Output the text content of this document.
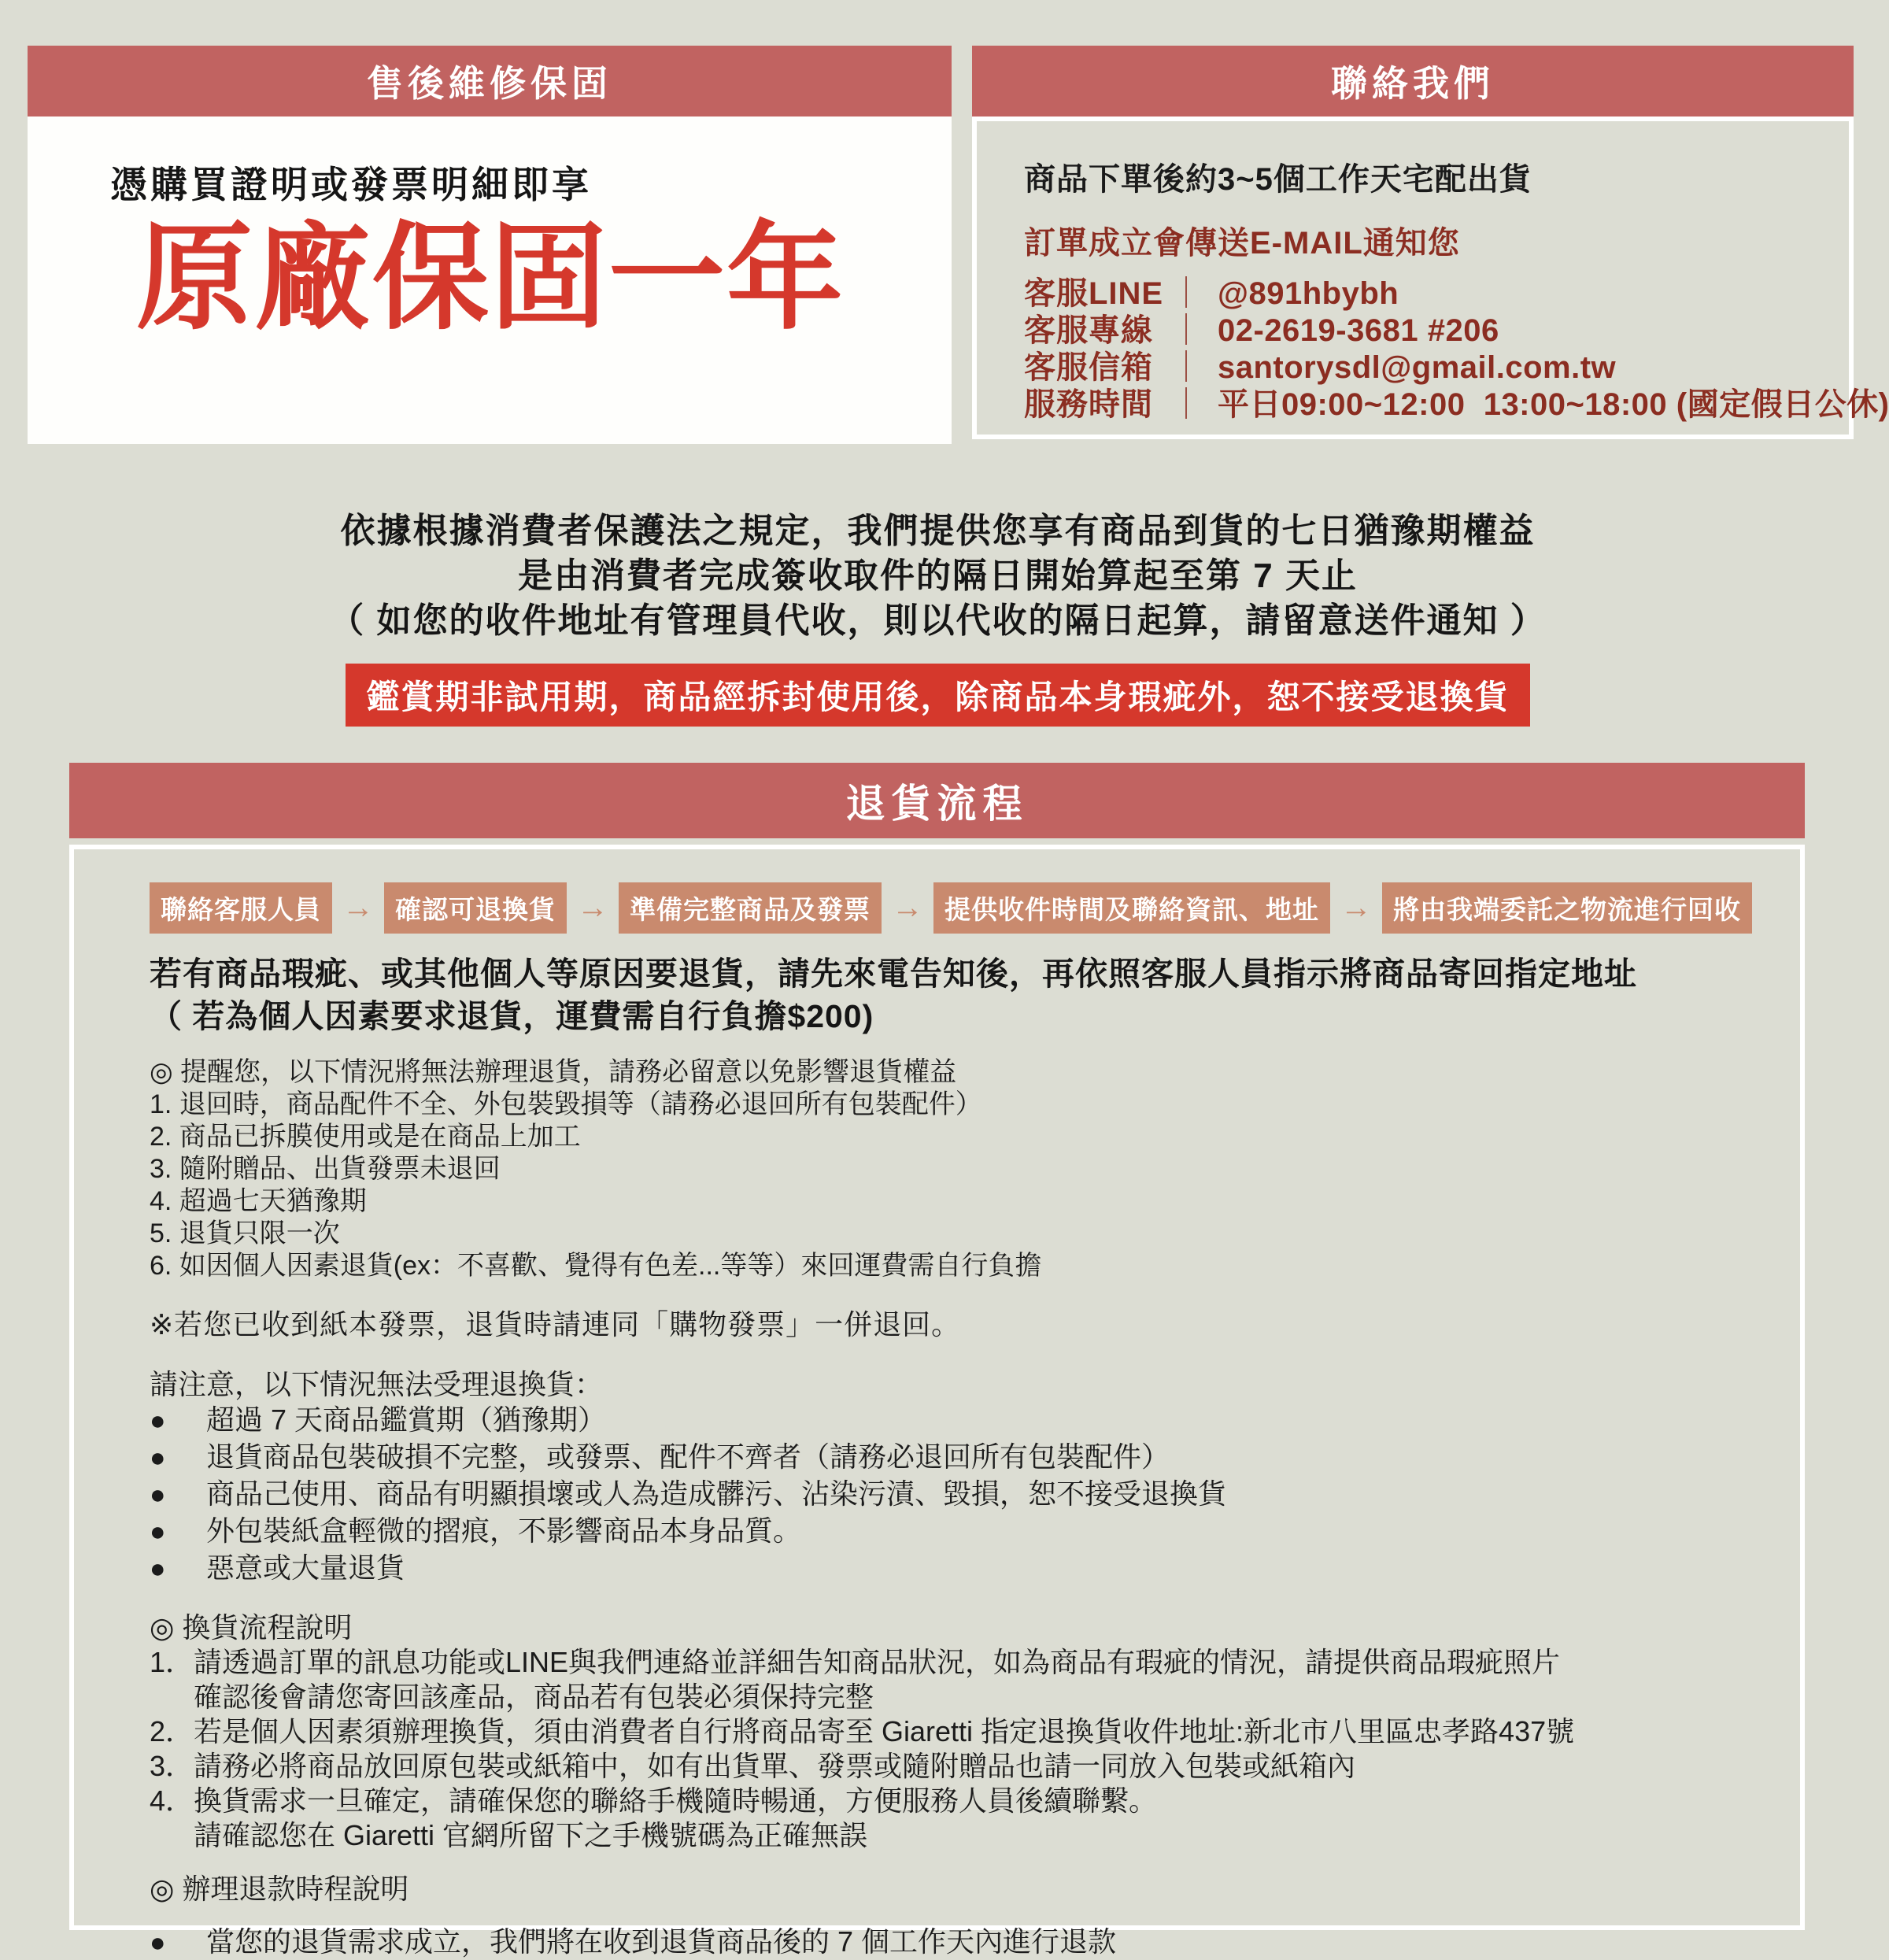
售後維修保固
憑購買證明或發票明細即享
原廠保固一年
聯絡我們
商品下單後約3~5個工作天宅配出貨
訂單成立會傳送E-MAIL通知您
客服LINE ｜ @891hbybh
客服專線 ｜ 02-2619-3681 #206
客服信箱 ｜ santorysdl@gmail.com.tw
服務時間 ｜ 平日09:00~12:00  13:00~18:00 (國定假日公休)
依據根據消費者保護法之規定，我們提供您享有商品到貨的七日猶豫期權益
是由消費者完成簽收取件的隔日開始算起至第 7 天止
（ 如您的收件地址有管理員代收，則以代收的隔日起算，請留意送件通知 ）
鑑賞期非試用期，商品經拆封使用後，除商品本身瑕疵外，恕不接受退換貨
退貨流程
聯絡客服人員 → 確認可退換貨 → 準備完整商品及發票 → 提供收件時間及聯絡資訊、地址 → 將由我端委託之物流進行回收
若有商品瑕疵、或其他個人等原因要退貨，請先來電告知後，再依照客服人員指示將商品寄回指定地址
（ 若為個人因素要求退貨，運費需自行負擔$200)
◎ 提醒您，以下情況將無法辦理退貨，請務必留意以免影響退貨權益
1. 退回時，商品配件不全、外包裝毀損等（請務必退回所有包裝配件）
2. 商品已拆膜使用或是在商品上加工
3. 隨附贈品、出貨發票未退回
4. 超過七天猶豫期
5. 退貨只限一次
6. 如因個人因素退貨(ex：不喜歡、覺得有色差...等等）來回運費需自行負擔
※若您已收到紙本發票，退貨時請連同「購物發票」一併退回。
請注意，以下情況無法受理退換貨：
●	超過 7 天商品鑑賞期（猶豫期）
●	退貨商品包裝破損不完整，或發票、配件不齊者（請務必退回所有包裝配件）
●	商品己使用、商品有明顯損壞或人為造成髒污、沾染污漬、毀損，恕不接受退換貨
●	外包裝紙盒輕微的摺痕，不影響商品本身品質。
●	惡意或大量退貨
◎ 換貨流程說明
1．請透過訂單的訊息功能或LINE與我們連絡並詳細告知商品狀況，如為商品有瑕疵的情況，請提供商品瑕疵照片
確認後會請您寄回該產品，商品若有包裝必須保持完整
2．若是個人因素須辦理換貨，須由消費者自行將商品寄至 Giaretti 指定退換貨收件地址:新北市八里區忠孝路437號
3．請務必將商品放回原包裝或紙箱中，如有出貨單、發票或隨附贈品也請一同放入包裝或紙箱內
4．換貨需求一旦確定，請確保您的聯絡手機隨時暢通，方便服務人員後續聯繫。
請確認您在 Giaretti 官網所留下之手機號碼為正確無誤
◎ 辦理退款時程說明
●	當您的退貨需求成立，我們將在收到退貨商品後的 7 個工作天內進行退款
